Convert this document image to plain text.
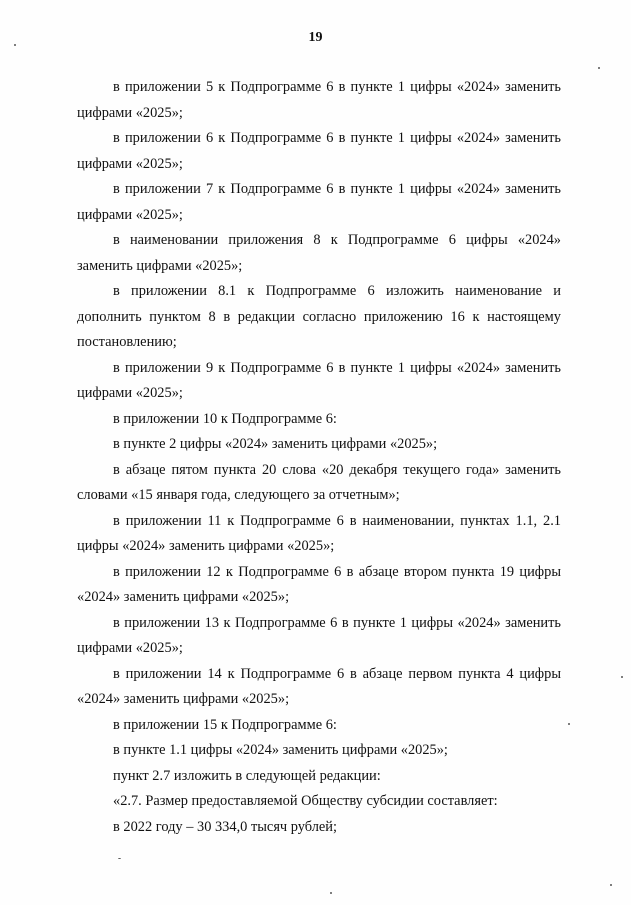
19

в приложении 5 к Подпрограмме 6 в пункте 1 цифры «2024» заменить цифрами «2025»;

в приложении 6 к Подпрограмме 6 в пункте 1 цифры «2024» заменить цифрами «2025»;

в приложении 7 к Подпрограмме 6 в пункте 1 цифры «2024» заменить цифрами «2025»;

в наименовании приложения 8 к Подпрограмме 6 цифры «2024» заменить цифрами «2025»;

в приложении 8.1 к Подпрограмме 6 изложить наименование и дополнить пунктом 8 в редакции согласно приложению 16 к настоящему постановлению;

в приложении 9 к Подпрограмме 6 в пункте 1 цифры «2024» заменить цифрами «2025»;

в приложении 10 к Подпрограмме 6:

в пункте 2 цифры «2024» заменить цифрами «2025»;

в абзаце пятом пункта 20 слова «20 декабря текущего года» заменить словами «15 января года, следующего за отчетным»;

в приложении 11 к Подпрограмме 6 в наименовании, пунктах 1.1, 2.1 цифры «2024» заменить цифрами «2025»;

в приложении 12 к Подпрограмме 6 в абзаце втором пункта 19 цифры «2024» заменить цифрами «2025»;

в приложении 13 к Подпрограмме 6 в пункте 1 цифры «2024» заменить цифрами «2025»;

в приложении 14 к Подпрограмме 6 в абзаце первом пункта 4 цифры «2024» заменить цифрами «2025»;

в приложении 15 к Подпрограмме 6:

в пункте 1.1 цифры «2024» заменить цифрами «2025»;

пункт 2.7 изложить в следующей редакции:

«2.7. Размер предоставляемой Обществу субсидии составляет:

в 2022 году – 30 334,0 тысяч рублей;
